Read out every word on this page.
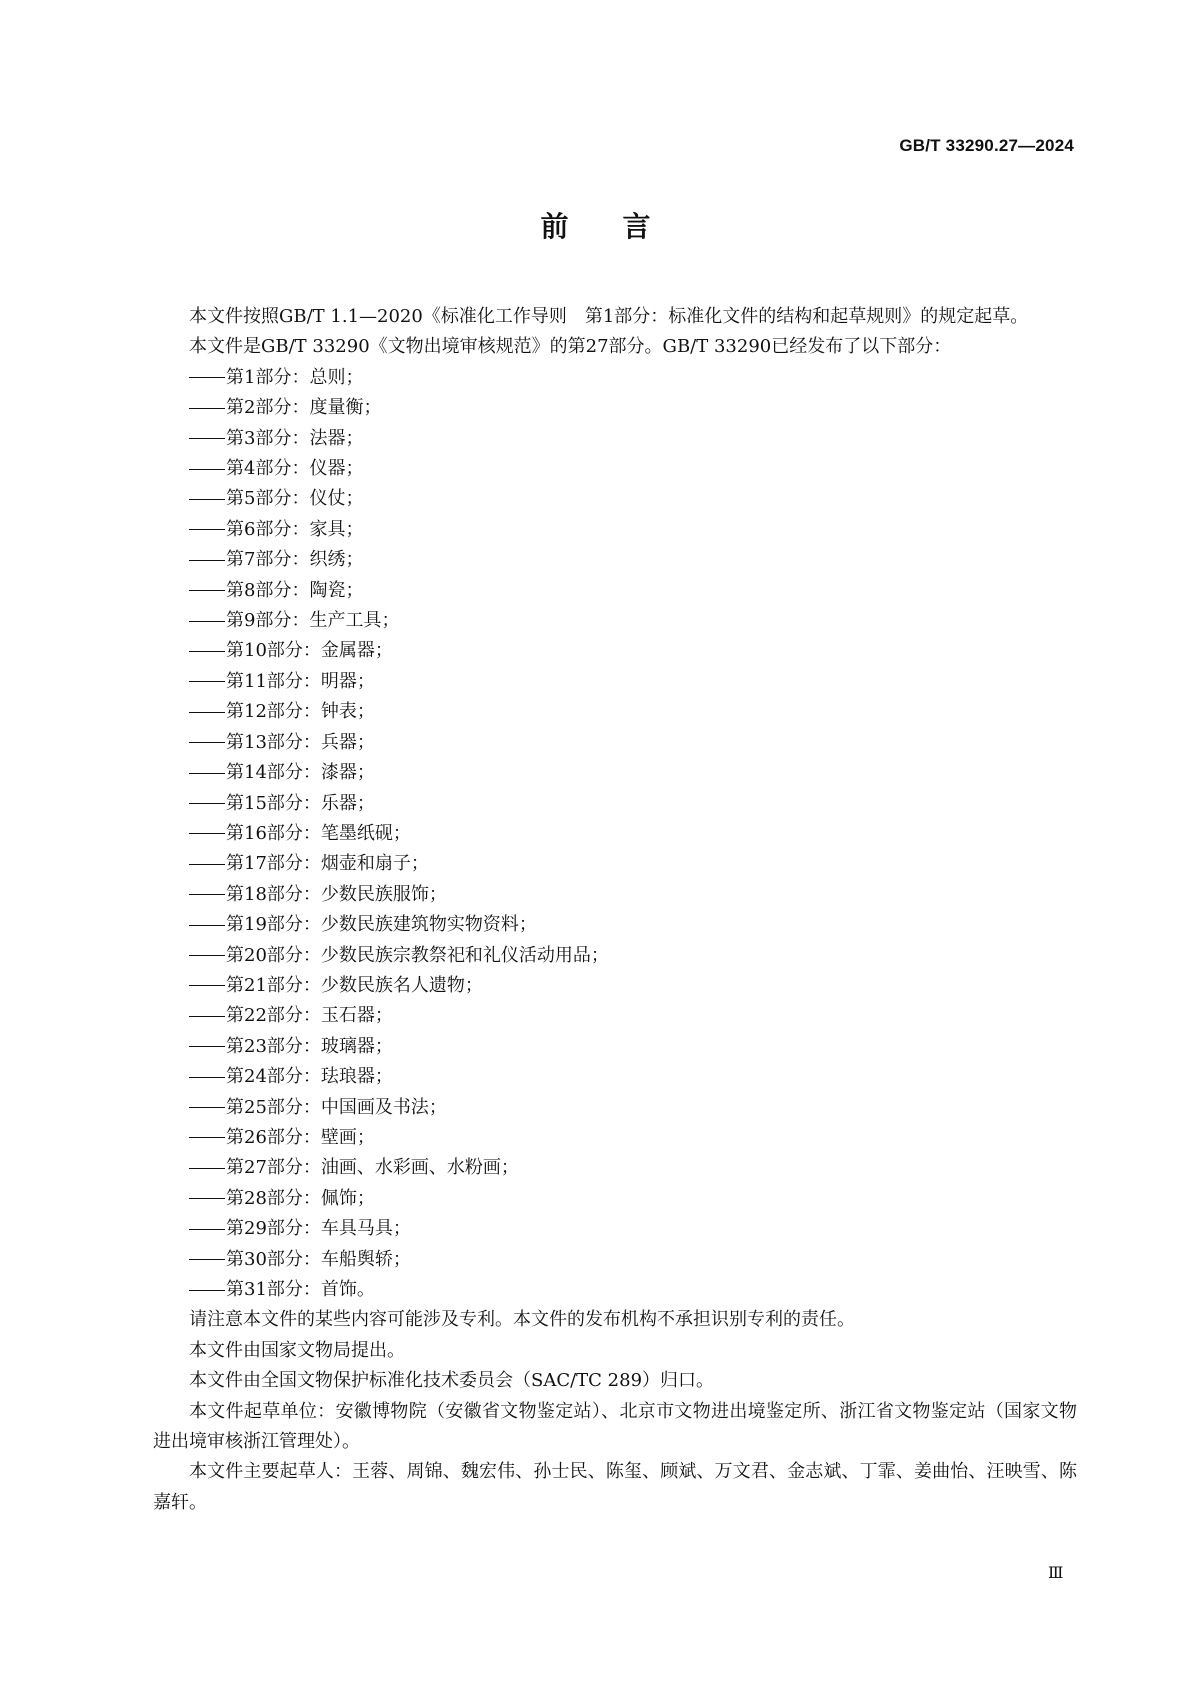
GB/T 33290.27—2024
前言

本文件按照GB/T 1.1—2020《标准化工作导则　第1部分：标准化文件的结构和起草规则》的规定起草。

本文件是GB/T 33290《文物出境审核规范》的第27部分。GB/T 33290已经发布了以下部分：

第1部分：总则；
第2部分：度量衡；
第3部分：法器；
第4部分：仪器；
第5部分：仪仗；
第6部分：家具；
第7部分：织绣；
第8部分：陶瓷；
第9部分：生产工具；
第10部分：金属器；
第11部分：明器；
第12部分：钟表；
第13部分：兵器；
第14部分：漆器；
第15部分：乐器；
第16部分：笔墨纸砚；
第17部分：烟壶和扇子；
第18部分：少数民族服饰；
第19部分：少数民族建筑物实物资料；
第20部分：少数民族宗教祭祀和礼仪活动用品；
第21部分：少数民族名人遗物；
第22部分：玉石器；
第23部分：玻璃器；
第24部分：珐琅器；
第25部分：中国画及书法；
第26部分：壁画；
第27部分：油画、水彩画、水粉画；
第28部分：佩饰；
第29部分：车具马具；
第30部分：车船舆轿；
第31部分：首饰。

请注意本文件的某些内容可能涉及专利。本文件的发布机构不承担识别专利的责任。

本文件由国家文物局提出。

本文件由全国文物保护标准化技术委员会（SAC/TC 289）归口。

本文件起草单位：安徽博物院（安徽省文物鉴定站）、北京市文物进出境鉴定所、浙江省文物鉴定站（国家文物进出境审核浙江管理处）。

本文件主要起草人：王蓉、周锦、魏宏伟、孙士民、陈玺、顾斌、万文君、金志斌、丁霏、姜曲怡、汪映雪、陈嘉轩。

Ⅲ
